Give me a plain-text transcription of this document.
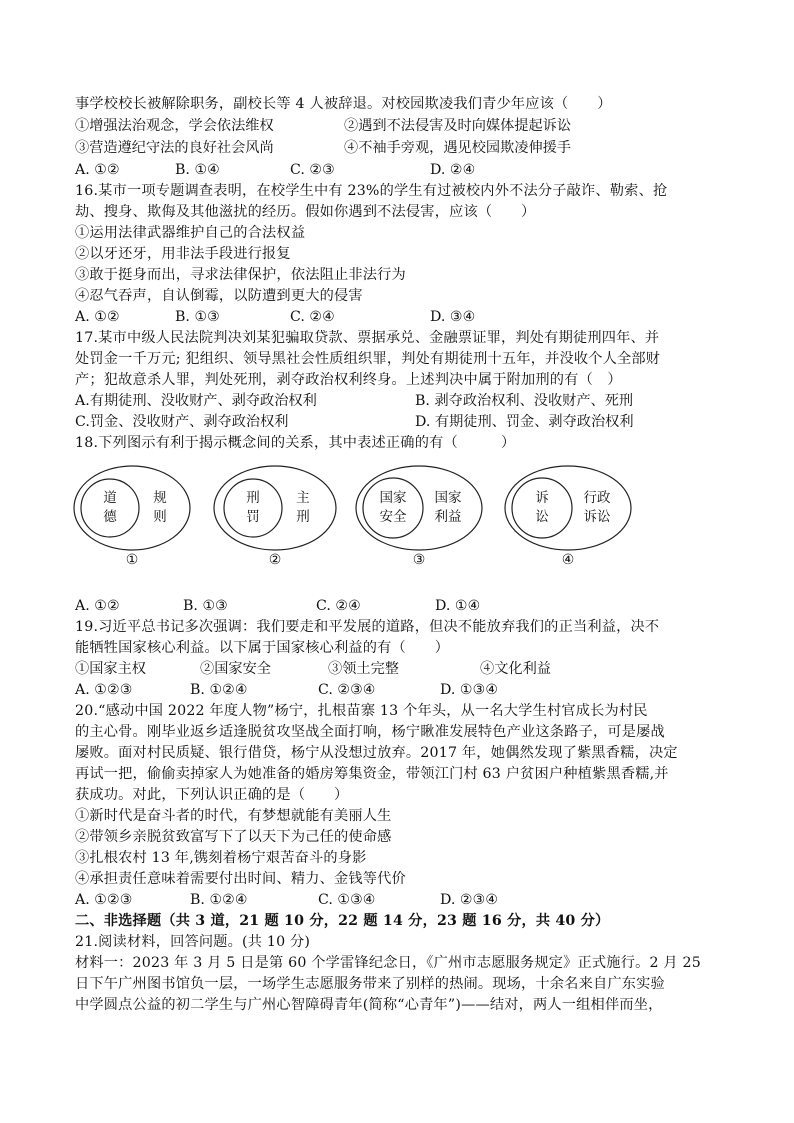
事学校校长被解除职务，副校长等 4 人被辞退。对校园欺凌我们青少年应该（　　）
①增强法治观念，学会依法维权	②遇到不法侵害及时向媒体提起诉讼
③营造遵纪守法的良好社会风尚	④不袖手旁观，遇见校园欺凌伸援手
A. ①②	B. ①④	C. ②③	D. ②④
16.某市一项专题调查表明，在校学生中有 23%的学生有过被校内外不法分子敲诈、勒索、抢
劫、搜身、欺侮及其他滋扰的经历。假如你遇到不法侵害，应该（　　）
①运用法律武器维护自己的合法权益
②以牙还牙，用非法手段进行报复
③敢于挺身而出，寻求法律保护，依法阻止非法行为
④忍气吞声，自认倒霉，以防遭到更大的侵害
A. ①②	B. ①③	C. ②④	D. ③④
17.某市中级人民法院判决刘某犯骗取贷款、票据承兑、金融票证罪，判处有期徒刑四年、并
处罚金一千万元; 犯组织、领导黑社会性质组织罪，判处有期徒刑十五年，并没收个人全部财
产；犯故意杀人罪，判处死刑，剥夺政治权利终身。上述判决中属于附加刑的有（　）
A.有期徒刑、没收财产、剥夺政治权利	B. 剥夺政治权利、没收财产、死刑
C.罚金、没收财产、剥夺政治权利	D. 有期徒刑、罚金、剥夺政治权利
18.下列图示有利于揭示概念间的关系，其中表述正确的有（　　　）
道
德
规
则
①
刑
罚
主
刑
②
国家
安全
国家
利益
③
诉
讼
行政
诉讼
④
A. ①②	B. ①③	C. ②④	D. ①④
19.习近平总书记多次强调：我们要走和平发展的道路，但决不能放弃我们的正当利益，决不
能牺牲国家核心利益。以下属于国家核心利益的有（　　）
①国家主权	②国家安全	③领土完整	④文化利益
A. ①②③	B. ①②④	C. ②③④	D. ①③④
20.“感动中国 2022 年度人物”杨宁，扎根苗寨 13 个年头，从一名大学生村官成长为村民
的主心骨。刚毕业返乡适逢脱贫攻坚战全面打响，杨宁瞅准发展特色产业这条路子，可是屡战
屡败。面对村民质疑、银行借贷，杨宁从没想过放弃。2017 年，她偶然发现了紫黑香糯，决定
再试一把，偷偷卖掉家人为她准备的婚房筹集资金，带领江门村 63 户贫困户种植紫黑香糯,并
获成功。对此，下列认识正确的是（　　）
①新时代是奋斗者的时代，有梦想就能有美丽人生
②带领乡亲脱贫致富写下了以天下为己任的使命感
③扎根农村 13 年,镌刻着杨宁艰苦奋斗的身影
④承担责任意味着需要付出时间、精力、金钱等代价
A. ①②③	B. ①②④	C. ①③④	D. ②③④
二、非选择题（共 3 道，21 题 10 分，22 题 14 分，23 题 16 分，共 40 分）
21.阅读材料，回答问题。(共 10 分)
材料一：2023 年 3 月 5 日是第 60 个学雷锋纪念日，《广州市志愿服务规定》正式施行。2 月 25
日下午广州图书馆负一层，一场学生志愿服务带来了别样的热闹。现场，十余名来自广东实验
中学圆点公益的初二学生与广州心智障碍青年(简称“心青年”)——结对，两人一组相伴而坐，
